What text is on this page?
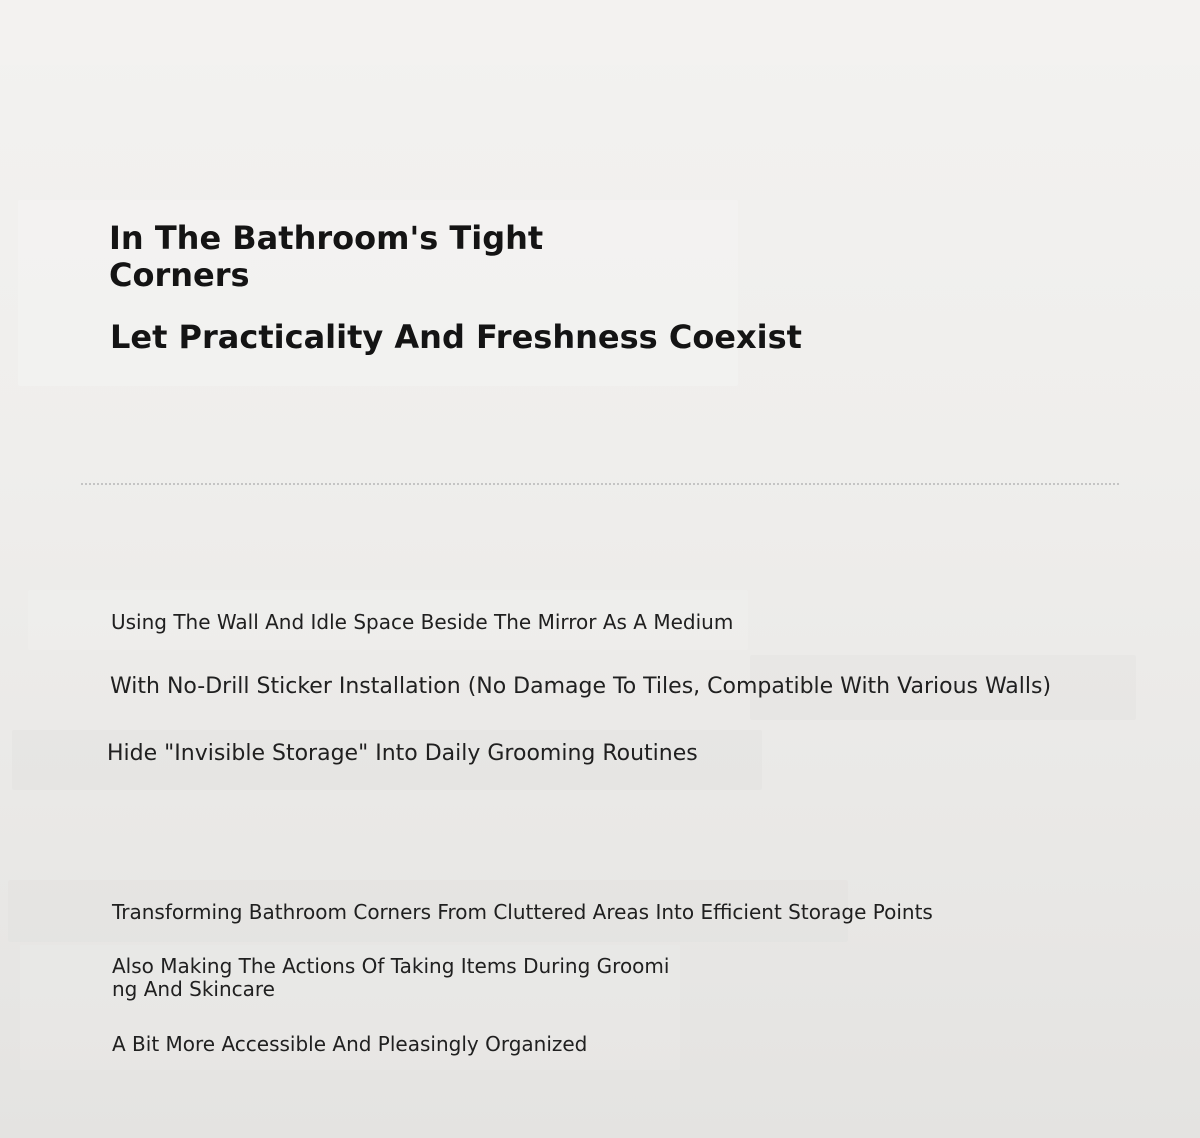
In The Bathroom's Tight Corners
Let Practicality And Freshness Coexist

Using The Wall And Idle Space Beside The Mirror As A Medium

With No-Drill Sticker Installation (No Damage To Tiles, Compatible With Various Walls)

Hide "Invisible Storage" Into Daily Grooming Routines

Transforming Bathroom Corners From Cluttered Areas Into Efficient Storage Points

Also Making The Actions Of Taking Items During Grooming And Skincare

A Bit More Accessible And Pleasingly Organized
